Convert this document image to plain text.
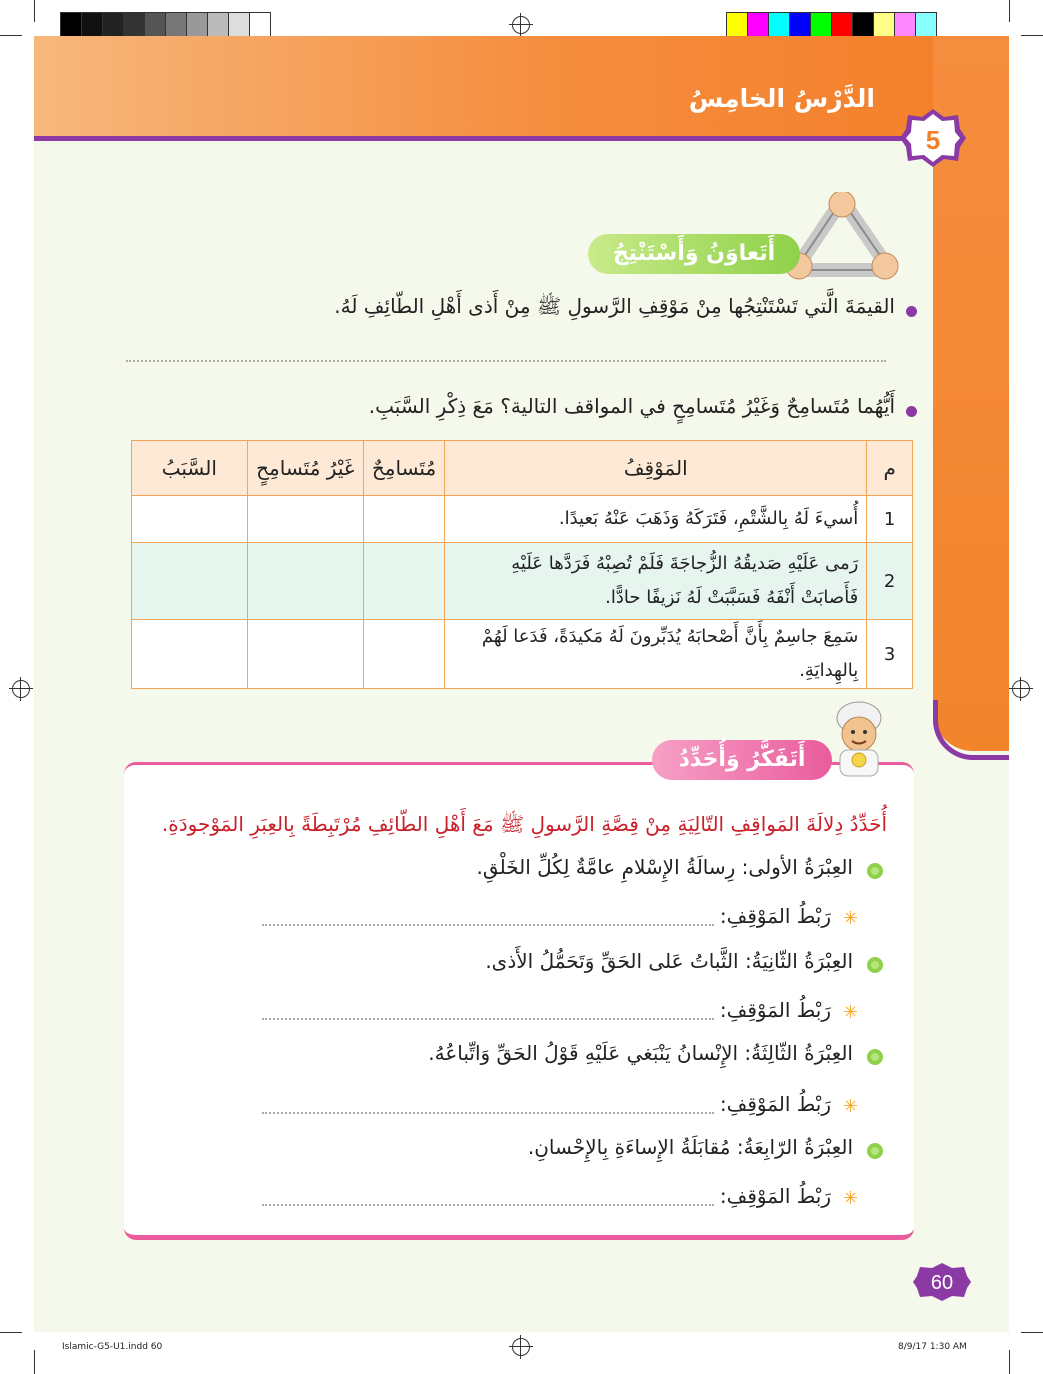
الدَّرْسُ الخامِسُ
5
أَتَعاوَنُ وَأَسْتَنْتِجُ
القيمَةَ الَّتي تَسْتَنْتِجُها مِنْ مَوْقِفِ الرَّسولِ ﷺ مِنْ أَذى أَهْلِ الطّائِفِ لَهُ.
أَيُّهُما مُتَسامِحٌ وَغَيْرُ مُتَسامِحٍ في المواقف التالية؟ مَعَ ذِكْرِ السَّبَبِ.
م	المَوْقِفُ	مُتَسامِحٌ	غَيْرُ مُتَسامِحٍ	السَّبَبُ
1	أُسيءَ لَهُ بِالشَّتْمِ، فَتَرَكَهُ وَذَهَبَ عَنْهُ بَعيدًا.			
2	رَمى عَلَيْهِ صَديقُهُ الزُّجاجَةَ فَلَمْ تُصِبْهُ فَرَدَّها عَلَيْهِ فَأَصابَتْ أَنْفَهُ فَسَبَّبَتْ لَهُ نَزيفًا حادًّا.			
3	سَمِعَ جاسِمٌ بِأَنَّ أَصْحابَهُ يُدَبِّرونَ لَهُ مَكيدَةً، فَدَعا لَهُمْ بِالهِدايَةِ.			
أَتَفَكَّرُ وَأُحَدِّدُ
أُحَدِّدُ دِلالَةَ المَواقِفِ التّالِيَةِ مِنْ قِصَّةِ الرَّسولِ ﷺ مَعَ أَهْلِ الطّائِفِ مُرْتَبِطَةً بِالعِبَرِ المَوْجودَةِ.
العِبْرَةُ الأولى: رِسالَةُ الإِسْلامِ عامَّةٌ لِكُلِّ الخَلْقِ.
✳
رَبْطُ المَوْقِفِ:
العِبْرَةُ الثّانِيَةُ: الثَّباتُ عَلى الحَقِّ وَتَحَمُّلُ الأَذى.
✳
رَبْطُ المَوْقِفِ:
العِبْرَةُ الثّالِثَةُ: الإِنْسانُ يَنْبَغي عَلَيْهِ قَوْلُ الحَقِّ وَاتِّباعُهُ.
✳
رَبْطُ المَوْقِفِ:
العِبْرَةُ الرّابِعَةُ: مُقابَلَةُ الإِساءَةِ بِالإِحْسانِ.
✳
رَبْطُ المَوْقِفِ:
60
Islamic-G5-U1.indd 60	8/9/17 1:30 AM
